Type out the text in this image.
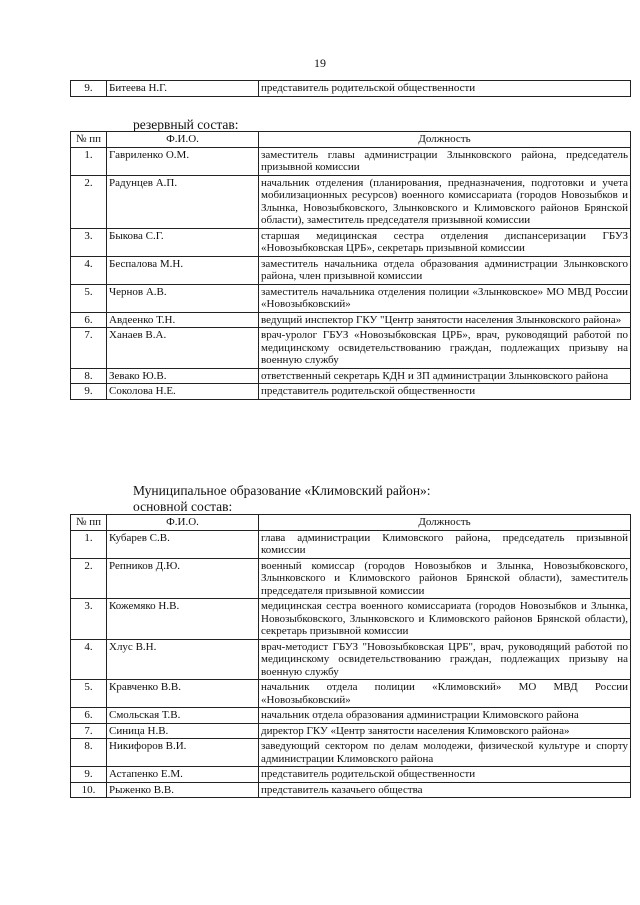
19
9.	Битеева Н.Г.	представитель родительской общественности
резервный состав:
№ пп	Ф.И.О.	Должность
1.	Гавриленко О.М.	заместитель главы администрации Злынковского района, председатель призывной комиссии
2.	Радунцев А.П.	начальник отделения (планирования, предназначения, подготовки и учета мобилизационных ресурсов) военного комиссариата (городов Новозыбков и Злынка, Новозыбковского, Злынковского и Климовского районов Брянской области), заместитель председателя призывной комиссии
3.	Быкова С.Г.	старшая медицинская сестра отделения диспансеризации ГБУЗ «Новозыбковская ЦРБ», секретарь призывной комиссии
4.	Беспалова М.Н.	заместитель начальника отдела образования администрации Злынковского района, член призывной комиссии
5.	Чернов А.В.	заместитель начальника отделения полиции «Злынковское» МО МВД России «Новозыбковский»
6.	Авдеенко Т.Н.	ведущий инспектор ГКУ "Центр занятости населения Злынковского района»
7.	Ханаев В.А.	врач-уролог ГБУЗ «Новозыбковская ЦРБ», врач, руководящий работой по медицинскому освидетельствованию граждан, подлежащих призыву на военную службу
8.	Зевако Ю.В.	ответственный секретарь КДН и ЗП администрации Злынковского района
9.	Соколова Н.Е.	представитель родительской общественности
Муниципальное образование «Климовский район»:
основной состав:
№ пп	Ф.И.О.	Должность
1.	Кубарев С.В.	глава администрации Климовского района, председатель призывной комиссии
2.	Репников Д.Ю.	военный комиссар (городов Новозыбков и Злынка, Новозыбковского, Злынковского и Климовского районов Брянской области), заместитель председателя призывной комиссии
3.	Кожемяко Н.В.	медицинская сестра военного комиссариата (городов Новозыбков и Злынка, Новозыбковского, Злынковского и Климовского районов Брянской области), секретарь призывной комиссии
4.	Хлус В.Н.	врач-методист ГБУЗ "Новозыбковская ЦРБ", врач, руководящий работой по медицинскому освидетельствованию граждан, подлежащих призыву на военную службу
5.	Кравченко В.В.	начальник отдела полиции «Климовский» МО МВД России «Новозыбковский»
6.	Смольская Т.В.	начальник отдела образования администрации Климовского района
7.	Синица Н.В.	директор ГКУ «Центр занятости населения Климовского района»
8.	Никифоров В.И.	заведующий сектором по делам молодежи, физической культуре и спорту администрации Климовского района
9.	Астапенко Е.М.	представитель родительской общественности
10.	Рыженко В.В.	представитель казачьего общества
